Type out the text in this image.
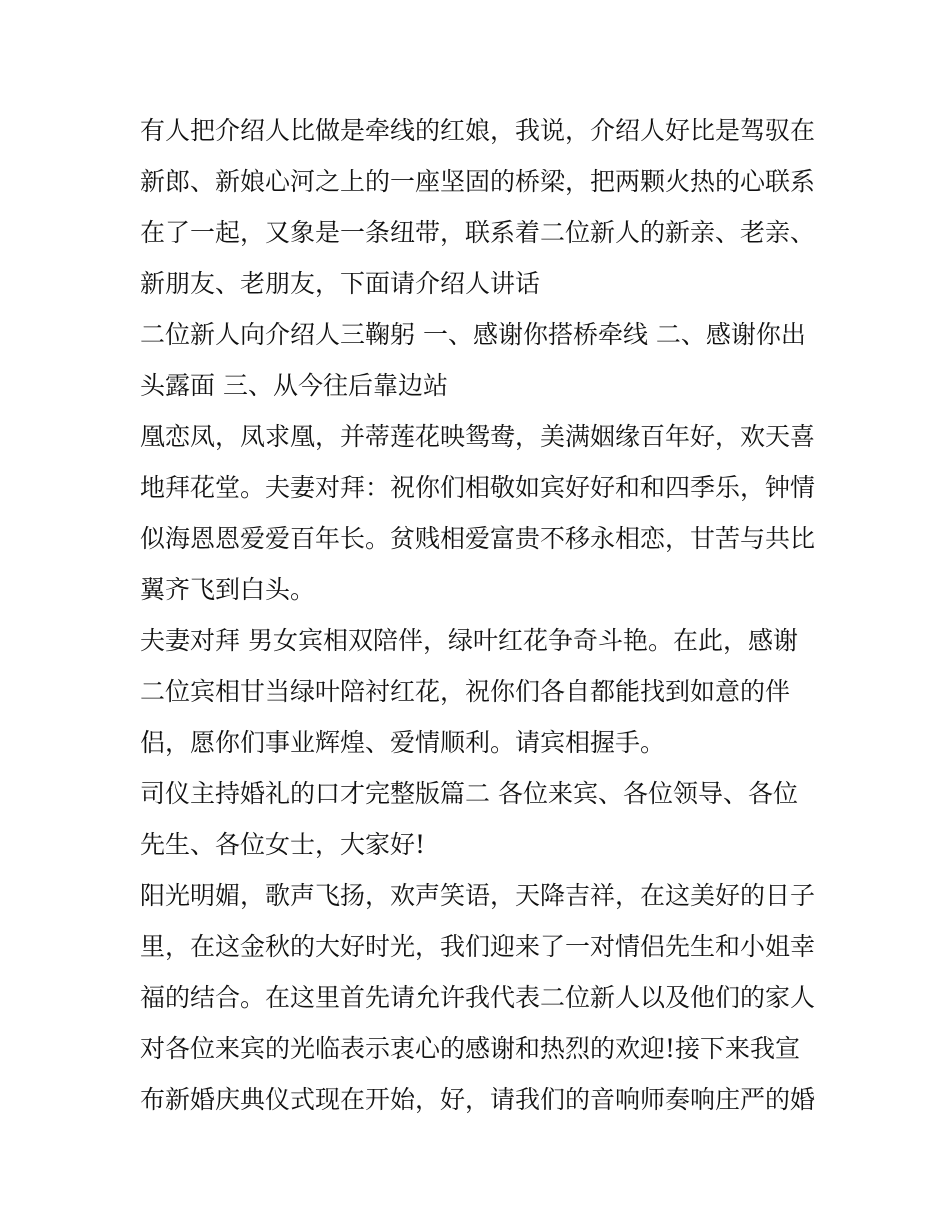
有人把介绍人比做是牵线的红娘，我说，介绍人好比是驾驭在
新郎、新娘心河之上的一座坚固的桥梁，把两颗火热的心联系
在了一起，又象是一条纽带，联系着二位新人的新亲、老亲、
新朋友、老朋友，下面请介绍人讲话
二位新人向介绍人三鞠躬 一、感谢你搭桥牵线 二、感谢你出
头露面 三、从今往后靠边站
凰恋凤，凤求凰，并蒂莲花映鸳鸯，美满姻缘百年好，欢天喜
地拜花堂。夫妻对拜：祝你们相敬如宾好好和和四季乐，钟情
似海恩恩爱爱百年长。贫贱相爱富贵不移永相恋，甘苦与共比
翼齐飞到白头。
夫妻对拜 男女宾相双陪伴，绿叶红花争奇斗艳。在此，感谢
二位宾相甘当绿叶陪衬红花，祝你们各自都能找到如意的伴
侣，愿你们事业辉煌、爱情顺利。请宾相握手。
司仪主持婚礼的口才完整版篇二 各位来宾、各位领导、各位
先生、各位女士，大家好!
阳光明媚，歌声飞扬，欢声笑语，天降吉祥，在这美好的日子
里，在这金秋的大好时光，我们迎来了一对情侣先生和小姐幸
福的结合。在这里首先请允许我代表二位新人以及他们的家人
对各位来宾的光临表示衷心的感谢和热烈的欢迎!接下来我宣
布新婚庆典仪式现在开始，好，请我们的音响师奏响庄严的婚
